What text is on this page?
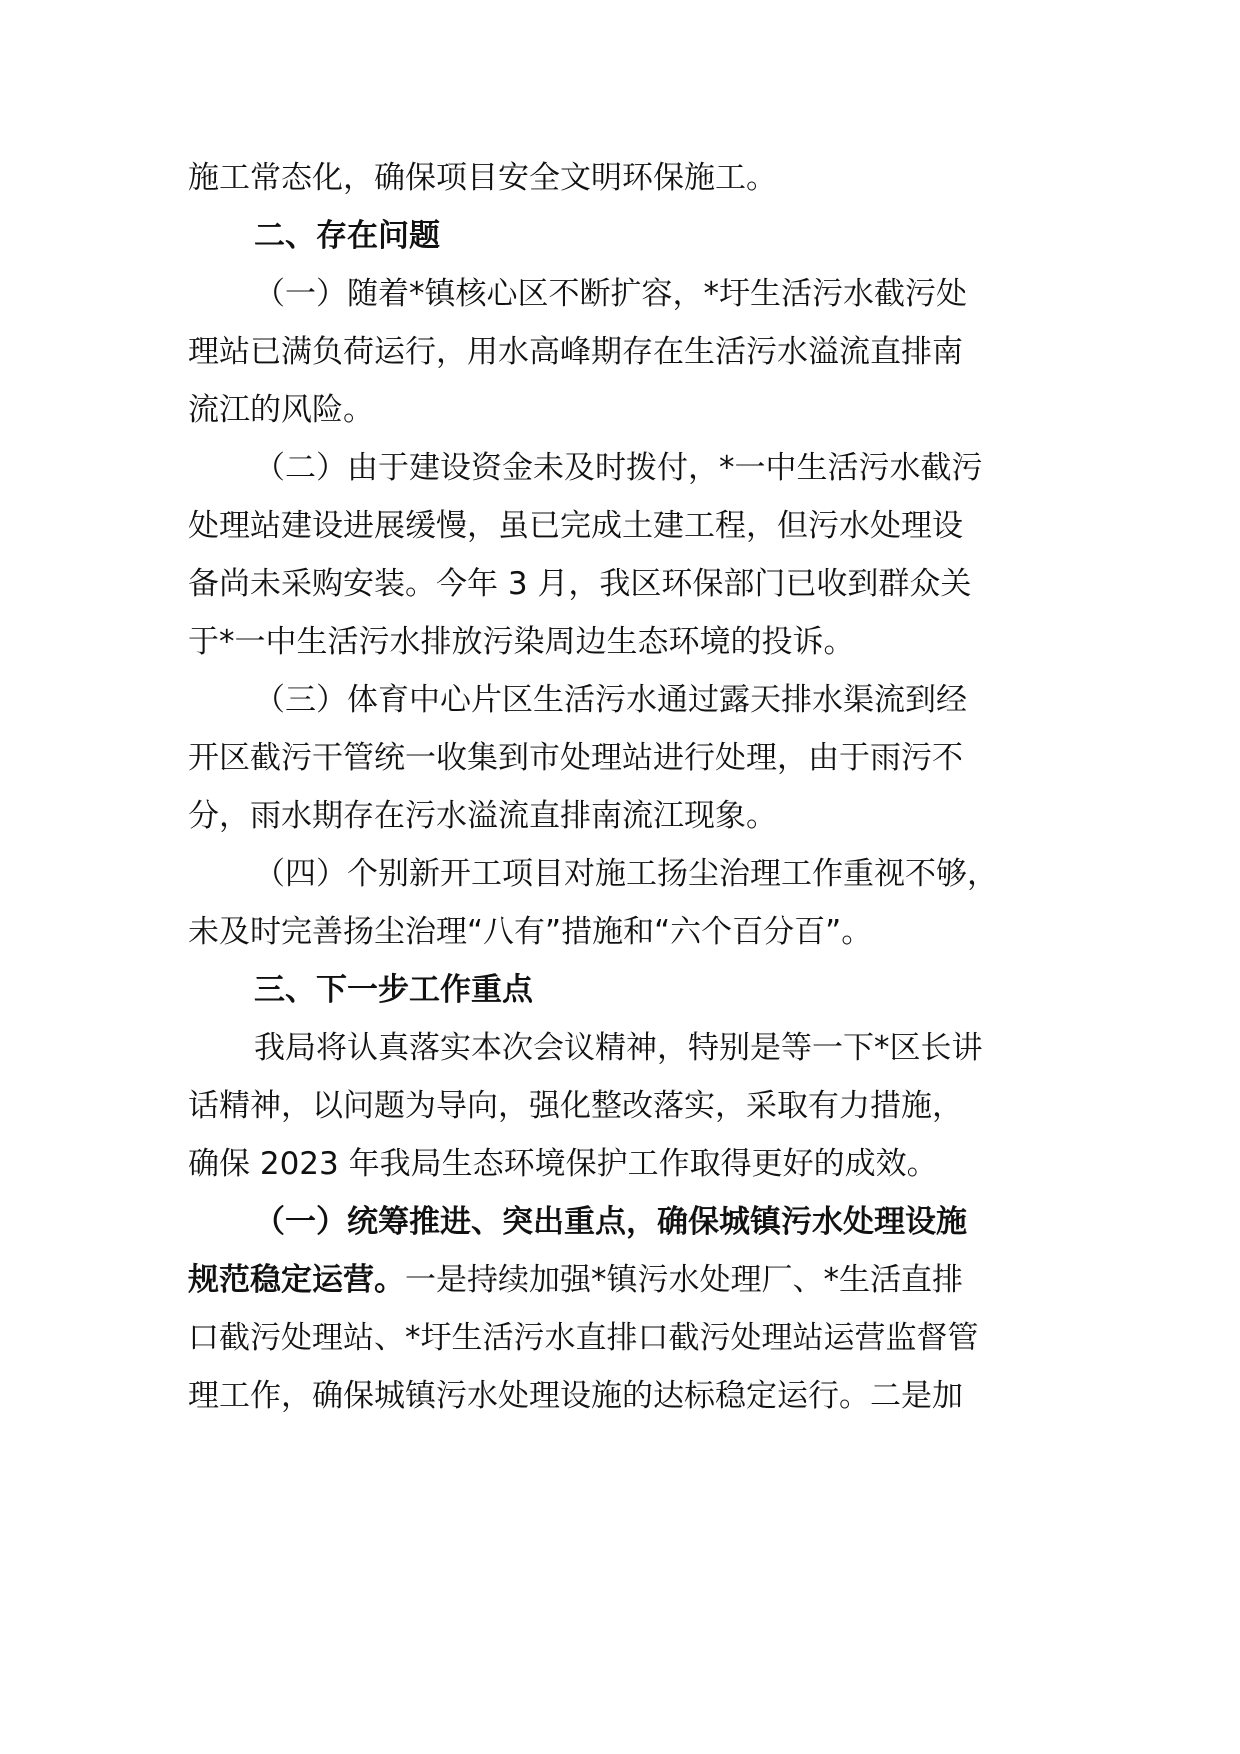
施工常态化，确保项目安全文明环保施工。
二、存在问题
（一）随着*镇核心区不断扩容，*圩生活污水截污处
理站已满负荷运行，用水高峰期存在生活污水溢流直排南
流江的风险。
（二）由于建设资金未及时拨付，*一中生活污水截污
处理站建设进展缓慢，虽已完成土建工程，但污水处理设
备尚未采购安装。今年 3 月，我区环保部门已收到群众关
于*一中生活污水排放污染周边生态环境的投诉。
（三）体育中心片区生活污水通过露天排水渠流到经
开区截污干管统一收集到市处理站进行处理，由于雨污不
分，雨水期存在污水溢流直排南流江现象。
（四）个别新开工项目对施工扬尘治理工作重视不够，
未及时完善扬尘治理“八有”措施和“六个百分百”。
三、下一步工作重点
我局将认真落实本次会议精神，特别是等一下*区长讲
话精神，以问题为导向，强化整改落实，采取有力措施，
确保 2023 年我局生态环境保护工作取得更好的成效。
（一）统筹推进、突出重点，确保城镇污水处理设施
规范稳定运营。一是持续加强*镇污水处理厂、*生活直排
口截污处理站、*圩生活污水直排口截污处理站运营监督管
理工作，确保城镇污水处理设施的达标稳定运行。二是加
